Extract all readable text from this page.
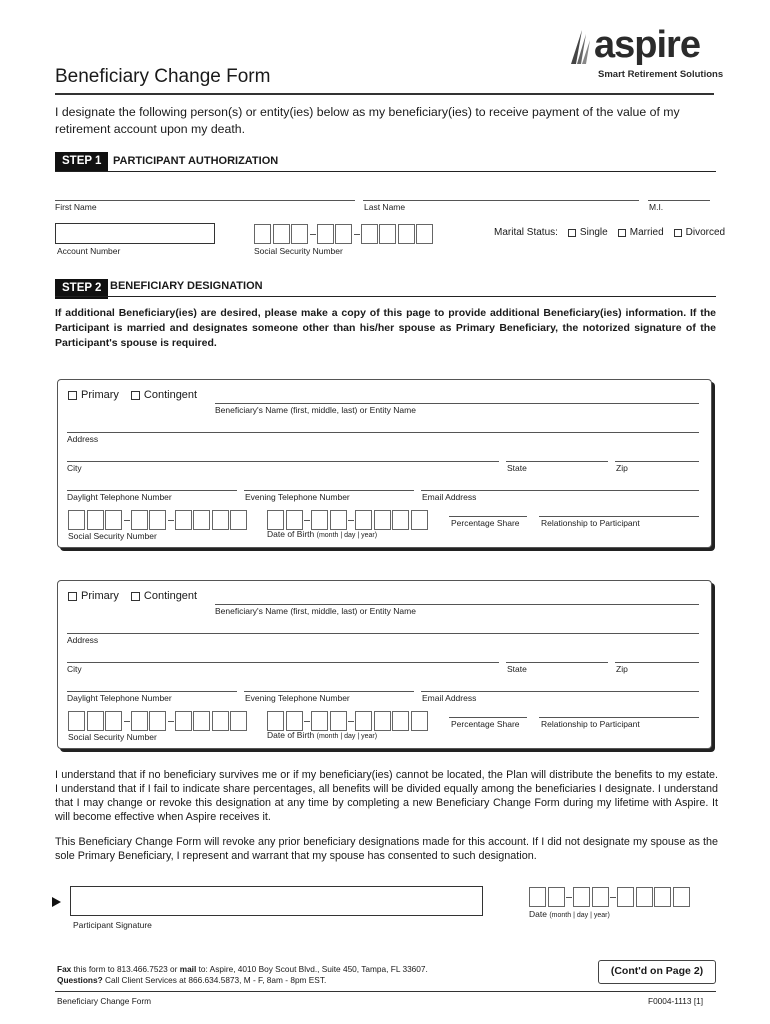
aspire
Smart Retirement Solutions
Beneficiary Change Form
I designate the following person(s) or entity(ies) below as my beneficiary(ies) to receive payment of the value of my retirement account upon my death.
STEP 1	PARTICIPANT AUTHORIZATION
First Name	Last Name	M.I.
Account Number	Social Security Number
Marital Status: Single Married Divorced
STEP 2 BENEFICIARY DESIGNATION
If additional Beneficiary(ies) are desired, please make a copy of this page to provide additional Beneficiary(ies) information. If the Participant is married and designates someone other than his/her spouse as Primary Beneficiary, the notorized signature of the Participant's spouse is required.
Primary Contingent
Beneficiary's Name (first, middle, last) or Entity Name
Address
City	State	Zip
Daylight Telephone Number	Evening Telephone Number	Email Address
Social Security Number	Date of Birth (month | day | year)
Percentage Share	Relationship to Participant
Primary Contingent
Beneficiary's Name (first, middle, last) or Entity Name
Address
City	State	Zip
Daylight Telephone Number	Evening Telephone Number	Email Address
Social Security Number	Date of Birth (month | day | year)
Percentage Share	Relationship to Participant
I understand that if no beneficiary survives me or if my beneficiary(ies) cannot be located, the Plan will distribute the benefits to my estate. I understand that if I fail to indicate share percentages, all benefits will be divided equally among the beneficiaries I designate. I understand that I may change or revoke this designation at any time by completing a new Beneficiary Change Form during my lifetime with Aspire. It will become effective when Aspire receives it.
This Beneficiary Change Form will revoke any prior beneficiary designations made for this account. If I did not designate my spouse as the sole Primary Beneficiary, I represent and warrant that my spouse has consented to such designation.
Participant Signature
Date (month | day | year)
Fax this form to 813.466.7523 or mail to: Aspire, 4010 Boy Scout Blvd., Suite 450, Tampa, FL 33607.
Questions? Call Client Services at 866.634.5873, M - F, 8am - 8pm EST.
(Cont'd on Page 2)
Beneficiary Change Form	F0004-1113 [1]
